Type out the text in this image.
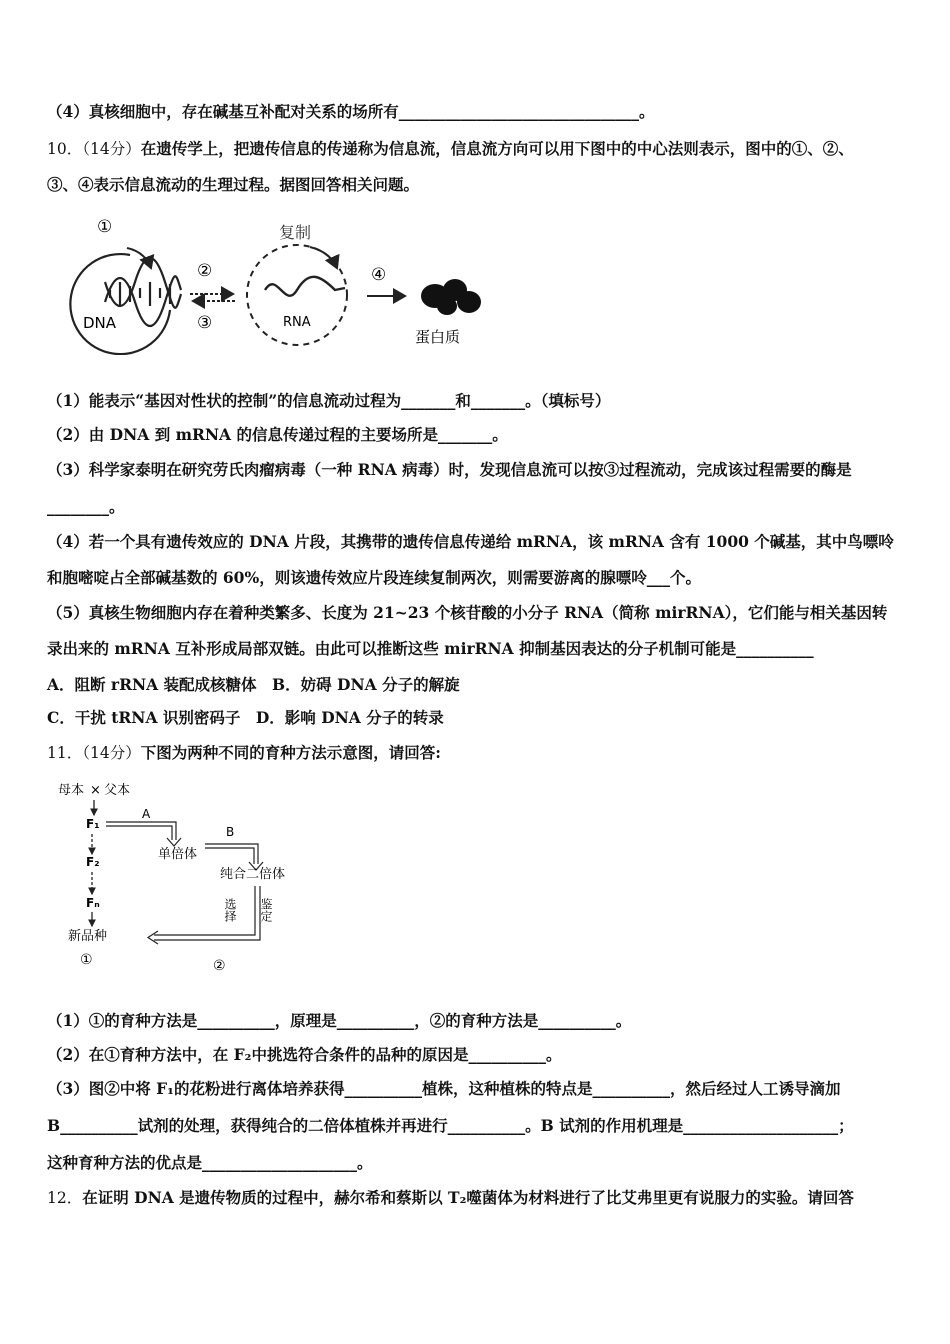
（4）真核细胞中，存在碱基互补配对关系的场所有_______________________________。
10．（14分）在遗传学上，把遗传信息的传递称为信息流，信息流方向可以用下图中的中心法则表示，图中的①、②、
③、④表示信息流动的生理过程。据图回答相关问题。
①
DNA
②
③
复制
RNA
④
蛋白质
（1）能表示“基因对性状的控制”的信息流动过程为_______和_______。（填标号）
（2）由 DNA 到 mRNA 的信息传递过程的主要场所是_______。
（3）科学家泰明在研究劳氏肉瘤病毒（一种 RNA 病毒）时，发现信息流可以按③过程流动，完成该过程需要的酶是
________。
（4）若一个具有遗传效应的 DNA 片段，其携带的遗传信息传递给 mRNA，该 mRNA 含有 1000 个碱基，其中鸟嘌呤
和胞嘧啶占全部碱基数的 60%，则该遗传效应片段连续复制两次，则需要游离的腺嘌呤___个。
（5）真核生物细胞内存在着种类繁多、长度为 21~23 个核苷酸的小分子 RNA（简称 mirRNA），它们能与相关基因转
录出来的 mRNA 互补形成局部双链。由此可以推断这些 mirRNA 抑制基因表达的分子机制可能是__________
A．阻断 rRNA 装配成核糖体　B．妨碍 DNA 分子的解旋
C．干扰 tRNA 识别密码子　D．影响 DNA 分子的转录
11．（14分）下图为两种不同的育种方法示意图，请回答:
母本 × 父本
F₁
F₂
Fₙ
新品种
①
A
单倍体
B
纯合二倍体
选择 鉴定
②
（1）①的育种方法是__________，原理是__________，②的育种方法是__________。
（2）在①育种方法中，在 F₂中挑选符合条件的品种的原因是__________。
（3）图②中将 F₁的花粉进行离体培养获得__________植株，这种植株的特点是__________，然后经过人工诱导滴加
B__________试剂的处理，获得纯合的二倍体植株并再进行__________。B 试剂的作用机理是____________________；
这种育种方法的优点是____________________。
12．在证明 DNA 是遗传物质的过程中，赫尔希和蔡斯以 T₂噬菌体为材料进行了比艾弗里更有说服力的实验。请回答
